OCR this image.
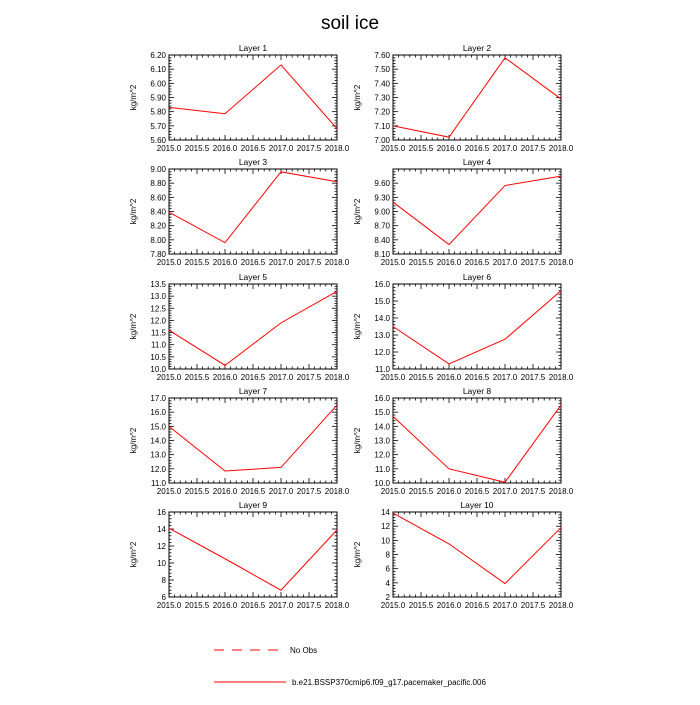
soil ice
Layer 1
kg/m^2
2015.0 2015.5 2016.0 2016.5 2017.0 2017.5 2018.0
5.60
5.70
5.80
5.90
6.00
6.10
6.20
Layer 2
kg/m^2
2015.0 2015.5 2016.0 2016.5 2017.0 2017.5 2018.0
7.00
7.10
7.20
7.30
7.40
7.50
7.60
Layer 3
kg/m^2
2015.0 2015.5 2016.0 2016.5 2017.0 2017.5 2018.0
7.80
8.00
8.20
8.40
8.60
8.80
9.00
Layer 4
kg/m^2
2015.0 2015.5 2016.0 2016.5 2017.0 2017.5 2018.0
8.10
8.40
8.70
9.00
9.30
9.60
Layer 5
kg/m^2
2015.0 2015.5 2016.0 2016.5 2017.0 2017.5 2018.0
10.0
10.5
11.0
11.5
12.0
12.5
13.0
13.5
Layer 6
kg/m^2
2015.0 2015.5 2016.0 2016.5 2017.0 2017.5 2018.0
11.0
12.0
13.0
14.0
15.0
16.0
Layer 7
kg/m^2
2015.0 2015.5 2016.0 2016.5 2017.0 2017.5 2018.0
11.0
12.0
13.0
14.0
15.0
16.0
17.0
Layer 8
kg/m^2
2015.0 2015.5 2016.0 2016.5 2017.0 2017.5 2018.0
10.0
11.0
12.0
13.0
14.0
15.0
16.0
Layer 9
kg/m^2
2015.0 2015.5 2016.0 2016.5 2017.0 2017.5 2018.0
6
8
10
12
14
16
Layer 10
kg/m^2
2015.0 2015.5 2016.0 2016.5 2017.0 2017.5 2018.0
2
4
6
8
10
12
14
No Obs
b.e21.BSSP370cmip6.f09_g17.pacemaker_pacific.006
